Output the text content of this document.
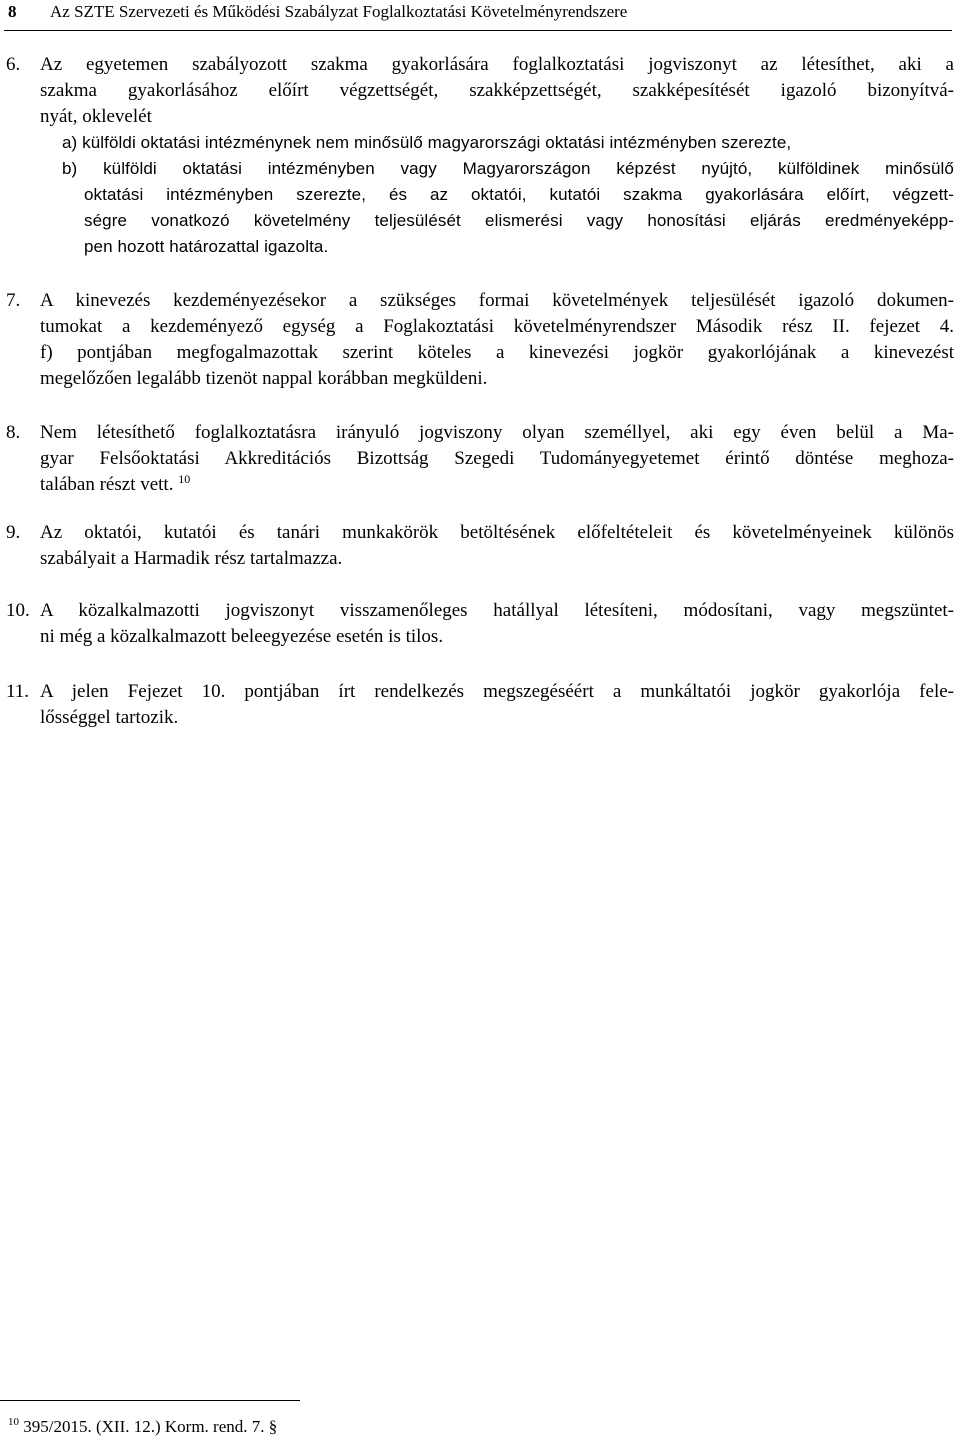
8 Az SZTE Szervezeti és Működési Szabályzat Foglalkoztatási Követelményrendszere
6. Az egyetemen szabályozott szakma gyakorlására foglalkoztatási jogviszonyt az létesíthet, aki a
szakma gyakorlásához előírt végzettségét, szakképzettségét, szakképesítését igazoló bizonyítvá-
nyát, oklevelét
a) külföldi oktatási intézménynek nem minősülő magyarországi oktatási intézményben szerezte,
b) külföldi oktatási intézményben vagy Magyarországon képzést nyújtó, külföldinek minősülő
oktatási intézményben szerezte, és az oktatói, kutatói szakma gyakorlására előírt, végzett-
ségre vonatkozó követelmény teljesülését elismerési vagy honosítási eljárás eredményeképp-
pen hozott határozattal igazolta.
7. A kinevezés kezdeményezésekor a szükséges formai követelmények teljesülését igazoló dokumen-
tumokat a kezdeményező egység a Foglakoztatási követelményrendszer Második rész II. fejezet 4.
f) pontjában megfogalmazottak szerint köteles a kinevezési jogkör gyakorlójának a kinevezést
megelőzően legalább tizenöt nappal korábban megküldeni.
8. Nem létesíthető foglalkoztatásra irányuló jogviszony olyan személlyel, aki egy éven belül a Ma-
gyar Felsőoktatási Akkreditációs Bizottság Szegedi Tudományegyetemet érintő döntése meghoza-
talában részt vett. $^{10}$
9. Az oktatói, kutatói és tanári munkakörök betöltésének előfeltételeit és követelményeinek különös
szabályait a Harmadik rész tartalmazza.
10. A közalkalmazotti jogviszonyt visszamenőleges hatállyal létesíteni, módosítani, vagy megszüntet-
ni még a közalkalmazott beleegyezése esetén is tilos.
11. A jelen Fejezet 10. pontjában írt rendelkezés megszegéséért a munkáltatói jogkör gyakorlója fele-
lősséggel tartozik.
$^{10}$ 395/2015. (XII. 12.) Korm. rend. 7. §
